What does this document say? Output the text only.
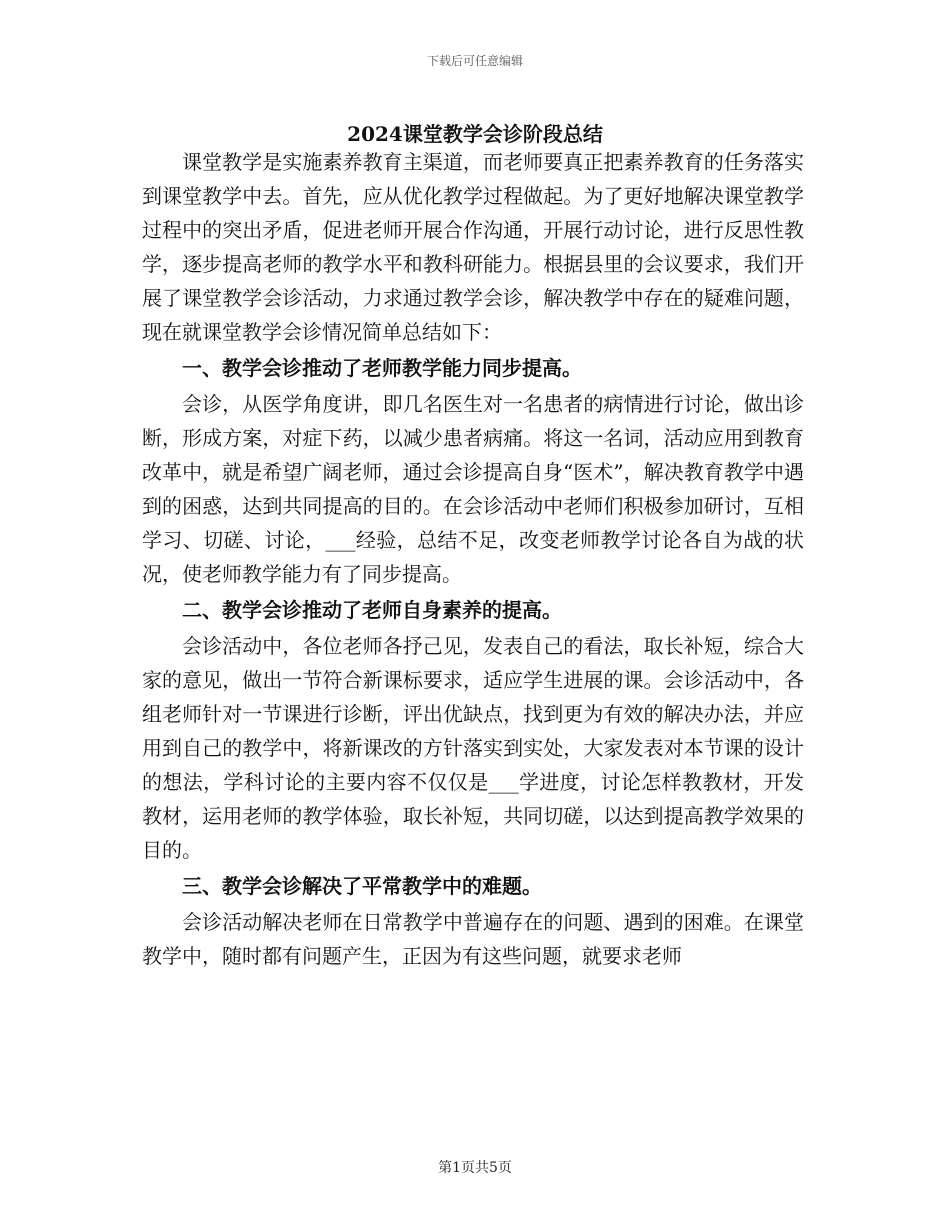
下载后可任意编辑
2024课堂教学会诊阶段总结

课堂教学是实施素养教育主渠道，而老师要真正把素养教育的任务落实到课堂教学中去。首先，应从优化教学过程做起。为了更好地解决课堂教学过程中的突出矛盾，促进老师开展合作沟通，开展行动讨论，进行反思性教学，逐步提高老师的教学水平和教科研能力。根据县里的会议要求，我们开展了课堂教学会诊活动，力求通过教学会诊，解决教学中存在的疑难问题，现在就课堂教学会诊情况简单总结如下：

一、教学会诊推动了老师教学能力同步提高。

会诊，从医学角度讲，即几名医生对一名患者的病情进行讨论，做出诊断，形成方案，对症下药，以减少患者病痛。将这一名词，活动应用到教育改革中，就是希望广阔老师，通过会诊提高自身“医术”，解决教育教学中遇到的困惑，达到共同提高的目的。在会诊活动中老师们积极参加研讨，互相学习、切磋、讨论，___经验，总结不足，改变老师教学讨论各自为战的状况，使老师教学能力有了同步提高。

二、教学会诊推动了老师自身素养的提高。

会诊活动中，各位老师各抒己见，发表自己的看法，取长补短，综合大家的意见，做出一节符合新课标要求，适应学生进展的课。会诊活动中，各组老师针对一节课进行诊断，评出优缺点，找到更为有效的解决办法，并应用到自己的教学中，将新课改的方针落实到实处，大家发表对本节课的设计的想法，学科讨论的主要内容不仅仅是___学进度，讨论怎样教教材，开发教材，运用老师的教学体验，取长补短，共同切磋，以达到提高教学效果的目的。

三、教学会诊解决了平常教学中的难题。

会诊活动解决老师在日常教学中普遍存在的问题、遇到的困难。在课堂教学中，随时都有问题产生，正因为有这些问题，就要求老师

第1页共5页
